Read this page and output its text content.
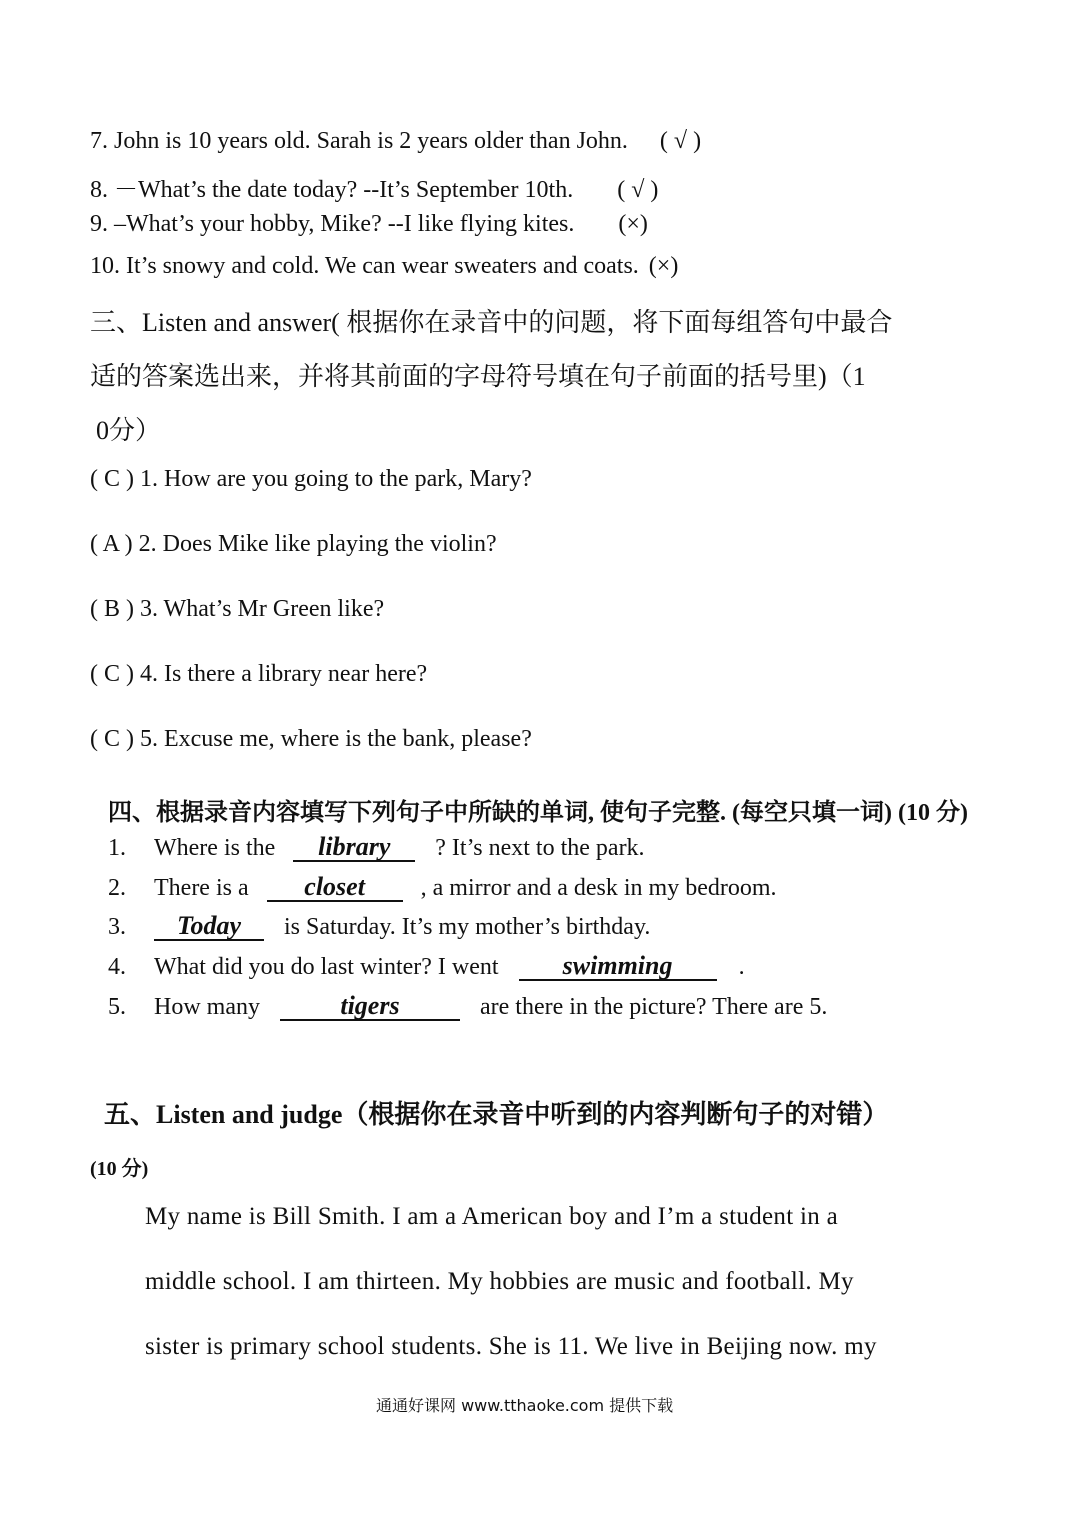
7. John is 10 years old. Sarah is 2 years older than John. ( √ )
8. －What’s the date today? --It’s September 10th. ( √ )
9. –What’s your hobby, Mike? --I like flying kites. (×)
10. It’s snowy and cold. We can wear sweaters and coats. (×)
三、Listen and answer( 根据你在录音中的问题，将下面每组答句中最合
适的答案选出来，并将其前面的字母符号填在句子前面的括号里)（1
0分）
( C ) 1. How are you going to the park, Mary?
( A ) 2. Does Mike like playing the violin?
( B ) 3. What’s Mr Green like?
( C ) 4. Is there a library near here?
( C ) 5. Excuse me, where is the bank, please?
四、根据录音内容填写下列句子中所缺的单词, 使句子完整. (每空只填一词) (10 分)
1. Where is the library ? It’s next to the park.
2. There is a closet , a mirror and a desk in my bedroom.
3. Today is Saturday. It’s my mother’s birthday.
4. What did you do last winter? I went swimming	.
5. How many	tigers	are there in the picture? There are 5.
五、Listen and judge（根据你在录音中听到的内容判断句子的对错）
(10 分)
My name is Bill Smith. I am a American boy and I’m a student in a
middle school. I am thirteen. My hobbies are music and football. My
sister is primary school students. She is 11. We live in Beijing now. my
通通好课网 www.tthaoke.com 提供下载
